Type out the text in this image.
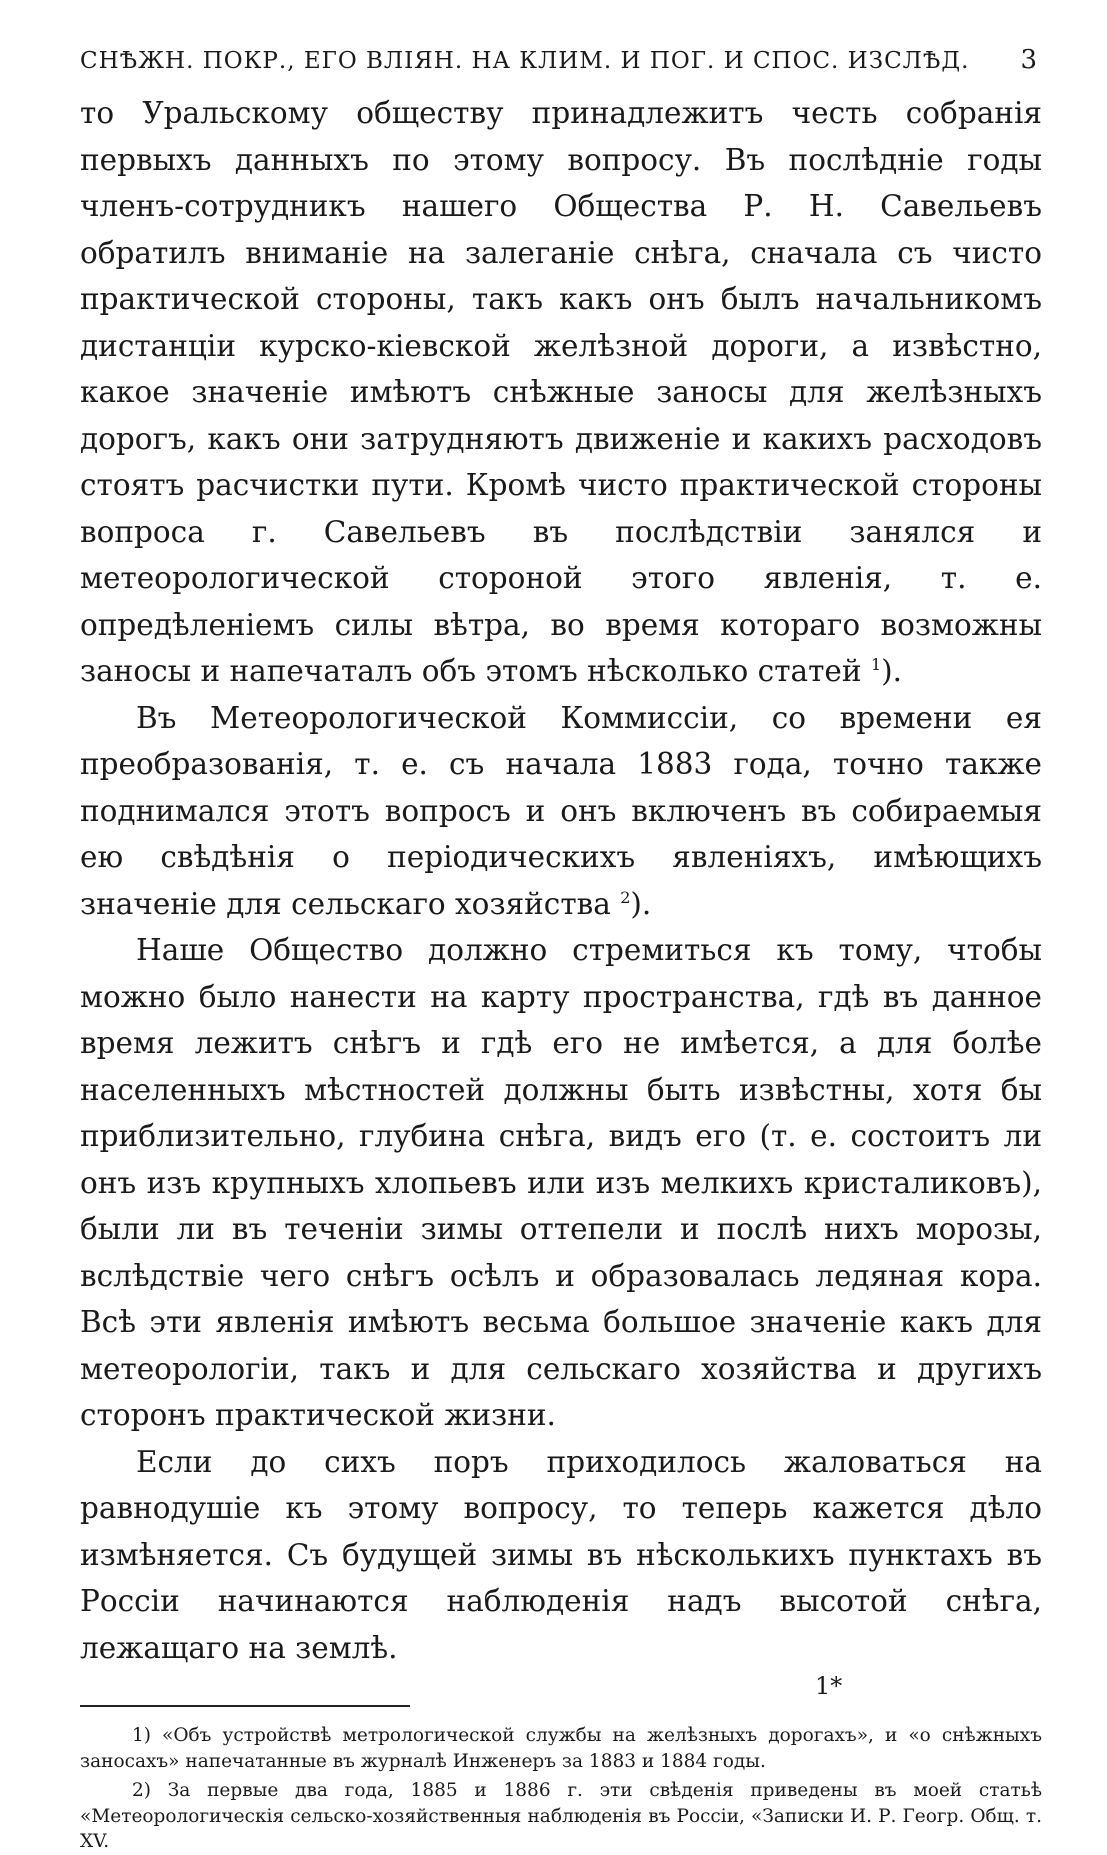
СНѢЖН. ПОКР., ЕГО ВЛІЯН. НА КЛИМ. И ПОГ. И СПОС. ИЗСЛѢД. 3

то Уральскому обществу принадлежитъ честь собранія первыхъ данныхъ по этому вопросу. Въ послѣдніе годы членъ-сотрудникъ нашего Общества Р. Н. Савельевъ обратилъ вниманіе на залеганіе снѣга, сначала съ чисто практической стороны, такъ какъ онъ былъ начальникомъ дистанціи курско-кіевской желѣзной дороги, а извѣстно, какое значеніе имѣютъ снѣжные заносы для желѣзныхъ дорогъ, какъ они затрудняютъ движеніе и какихъ расходовъ стоятъ расчистки пути. Кромѣ чисто практической стороны вопроса г. Савельевъ въ послѣдствіи занялся и метеорологической стороной этого явленія, т. е. опредѣленіемъ силы вѣтра, во время котораго возможны заносы и напечаталъ объ этомъ нѣсколько статей $^1$).

Въ Метеорологической Коммиссіи, со времени ея преобразованія, т. е. съ начала 1883 года, точно также поднимался этотъ вопросъ и онъ включенъ въ собираемыя ею свѣдѣнія о періодическихъ явленіяхъ, имѣющихъ значеніе для сельскаго хозяйства $^2$).

Наше Общество должно стремиться къ тому, чтобы можно было нанести на карту пространства, гдѣ въ данное время лежитъ снѣгъ и гдѣ его не имѣется, а для болѣе населенныхъ мѣстностей должны быть извѣстны, хотя бы приблизительно, глубина снѣга, видъ его (т. е. состоитъ ли онъ изъ крупныхъ хлопьевъ или изъ мелкихъ кристаликовъ), были ли въ теченіи зимы оттепели и послѣ нихъ морозы, вслѣдствіе чего снѣгъ осѣлъ и образовалась ледяная кора. Всѣ эти явленія имѣютъ весьма большое значеніе какъ для метеорологіи, такъ и для сельскаго хозяйства и другихъ сторонъ практической жизни.

Если до сихъ поръ приходилось жаловаться на равнодушіе къ этому вопросу, то теперь кажется дѣло измѣняется. Съ будущей зимы въ нѣсколькихъ пунктахъ въ Россіи начинаются наблюденія надъ высотой снѣга, лежащаго на землѣ.

1) «Объ устройствѣ метрологической службы на желѣзныхъ дорогахъ», и «о снѣжныхъ заносахъ» напечатанные въ журналѣ Инженеръ за 1883 и 1884 годы.

2) За первые два года, 1885 и 1886 г. эти свѣденія приведены въ моей статьѣ «Метеорологическія сельско-хозяйственныя наблюденія въ Россіи, «Записки И. Р. Геогр. Общ. т. XV.

1*
